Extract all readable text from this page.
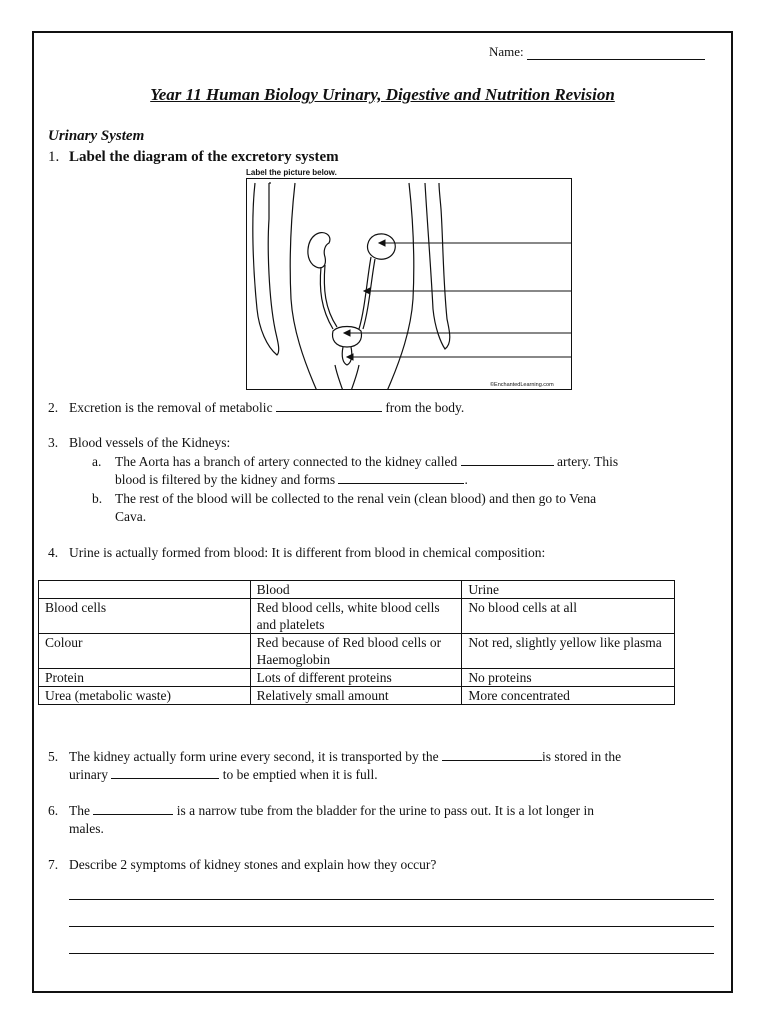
Name:
Year 11 Human Biology Urinary, Digestive and Nutrition Revision
Urinary System
1. Label the diagram of the excretory system
Label the picture below.
©EnchantedLearning.com
2. Excretion is the removal of metabolic	from the body.
3. Blood vessels of the Kidneys:
a. The Aorta has a branch of artery connected to the kidney called	artery. This
blood is filtered by the kidney and forms	.
b. The rest of the blood will be collected to the renal vein (clean blood) and then go to Vena
Cava.
4. Urine is actually formed from blood: It is different from blood in chemical composition:
	Blood	Urine
Blood cells	Red blood cells, white blood cells and platelets	No blood cells at all
Colour	Red because of Red blood cells or Haemoglobin	Not red, slightly yellow like plasma
Protein	Lots of different proteins	No proteins
Urea (metabolic waste)	Relatively small amount	More concentrated
5. The kidney actually form urine every second, it is transported by the	is stored in the
urinary	to be emptied when it is full.
6. The	is a narrow tube from the bladder for the urine to pass out. It is a lot longer in
males.
7. Describe 2 symptoms of kidney stones and explain how they occur?
